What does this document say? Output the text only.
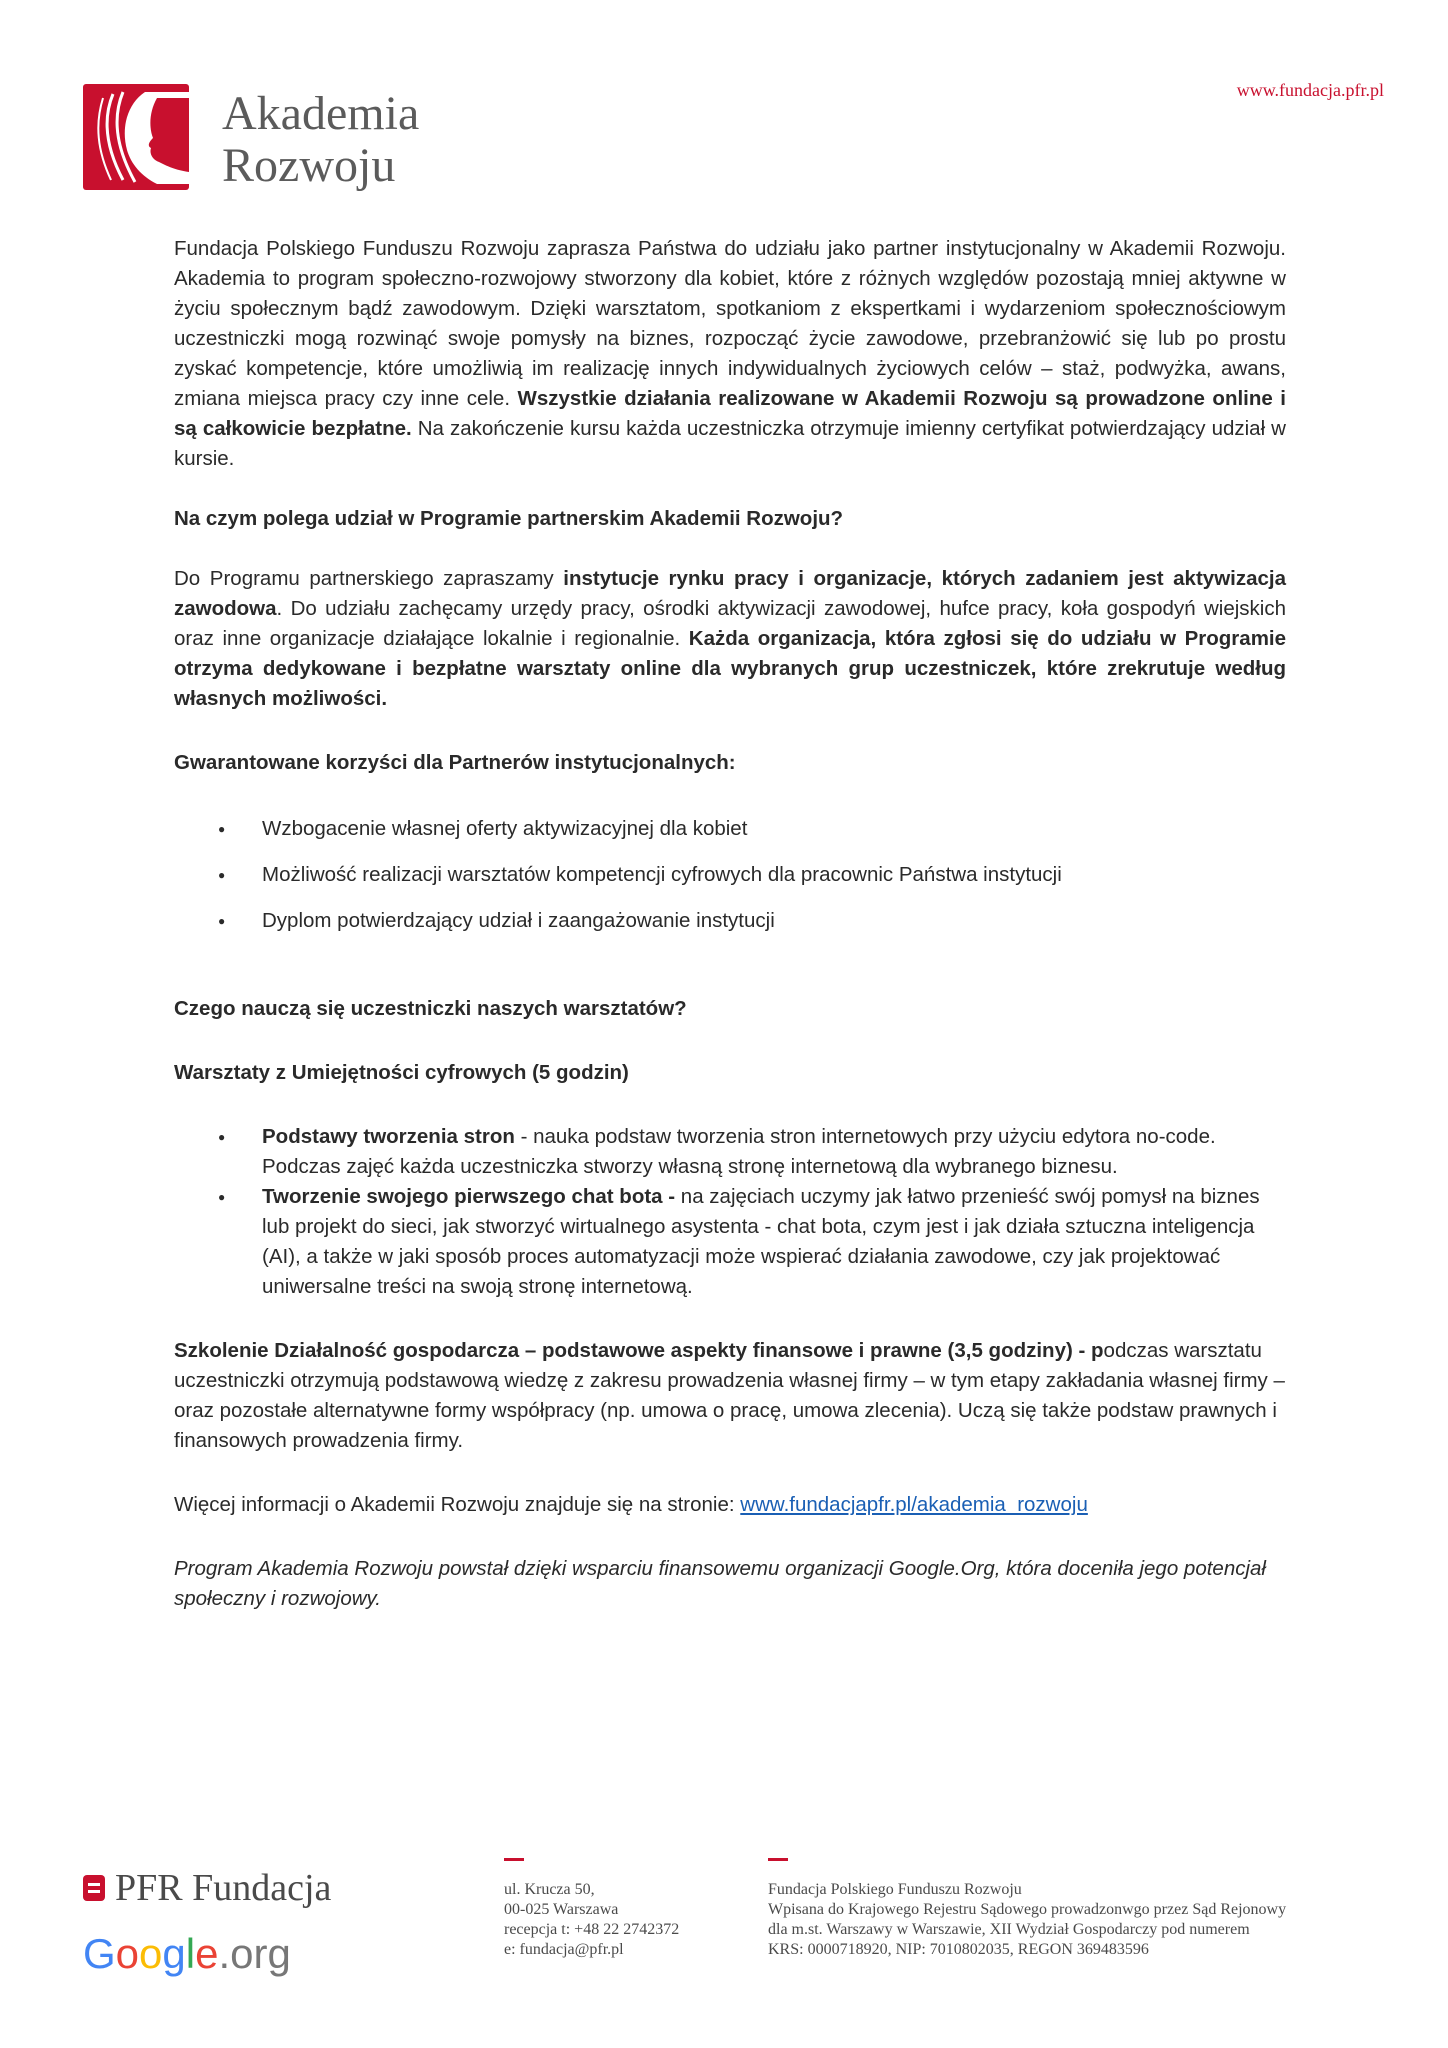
Akademia
Rozwoju
www.fundacja.pfr.pl

Fundacja Polskiego Funduszu Rozwoju zaprasza Państwa do udziału jako partner instytucjonalny w Akademii Rozwoju. Akademia to program społeczno-rozwojowy stworzony dla kobiet, które z różnych względów pozostają mniej aktywne w życiu społecznym bądź zawodowym. Dzięki warsztatom, spotkaniom z ekspertkami i wydarzeniom społecznościowym uczestniczki mogą rozwinąć swoje pomysły na biznes, rozpocząć życie zawodowe, przebranżowić się lub po prostu zyskać kompetencje, które umożliwią im realizację innych indywidualnych życiowych celów – staż, podwyżka, awans, zmiana miejsca pracy czy inne cele. Wszystkie działania realizowane w Akademii Rozwoju są prowadzone online i są całkowicie bezpłatne. Na zakończenie kursu każda uczestniczka otrzymuje imienny certyfikat potwierdzający udział w kursie.

Na czym polega udział w Programie partnerskim Akademii Rozwoju?

Do Programu partnerskiego zapraszamy instytucje rynku pracy i organizacje, których zadaniem jest aktywizacja zawodowa. Do udziału zachęcamy urzędy pracy, ośrodki aktywizacji zawodowej, hufce pracy, koła gospodyń wiejskich oraz inne organizacje działające lokalnie i regionalnie. Każda organizacja, która zgłosi się do udziału w Programie otrzyma dedykowane i bezpłatne warsztaty online dla wybranych grup uczestniczek, które zrekrutuje według własnych możliwości.

Gwarantowane korzyści dla Partnerów instytucjonalnych:

● Wzbogacenie własnej oferty aktywizacyjnej dla kobiet
● Możliwość realizacji warsztatów kompetencji cyfrowych dla pracownic Państwa instytucji
● Dyplom potwierdzający udział i zaangażowanie instytucji

Czego nauczą się uczestniczki naszych warsztatów?

Warsztaty z Umiejętności cyfrowych (5 godzin)

● Podstawy tworzenia stron - nauka podstaw tworzenia stron internetowych przy użyciu edytora no-code. Podczas zajęć każda uczestniczka stworzy własną stronę internetową dla wybranego biznesu.
● Tworzenie swojego pierwszego chat bota - na zajęciach uczymy jak łatwo przenieść swój pomysł na biznes lub projekt do sieci, jak stworzyć wirtualnego asystenta - chat bota, czym jest i jak działa sztuczna inteligencja (AI), a także w jaki sposób proces automatyzacji może wspierać działania zawodowe, czy jak projektować uniwersalne treści na swoją stronę internetową.

Szkolenie Działalność gospodarcza – podstawowe aspekty finansowe i prawne (3,5 godziny) - podczas warsztatu uczestniczki otrzymują podstawową wiedzę z zakresu prowadzenia własnej firmy – w tym etapy zakładania własnej firmy – oraz pozostałe alternatywne formy współpracy (np. umowa o pracę, umowa zlecenia). Uczą się także podstaw prawnych i finansowych prowadzenia firmy.

Więcej informacji o Akademii Rozwoju znajduje się na stronie: www.fundacjapfr.pl/akademia_rozwoju

Program Akademia Rozwoju powstał dzięki wsparciu finansowemu organizacji Google.Org, która doceniła jego potencjał społeczny i rozwojowy.

PFR Fundacja
Google.org
ul. Krucza 50,
00-025 Warszawa
recepcja t: +48 22 2742372
e: fundacja@pfr.pl
Fundacja Polskiego Funduszu Rozwoju
Wpisana do Krajowego Rejestru Sądowego prowadzonwgo przez Sąd Rejonowy
dla m.st. Warszawy w Warszawie, XII Wydział Gospodarczy pod numerem
KRS: 0000718920, NIP: 7010802035, REGON 369483596
